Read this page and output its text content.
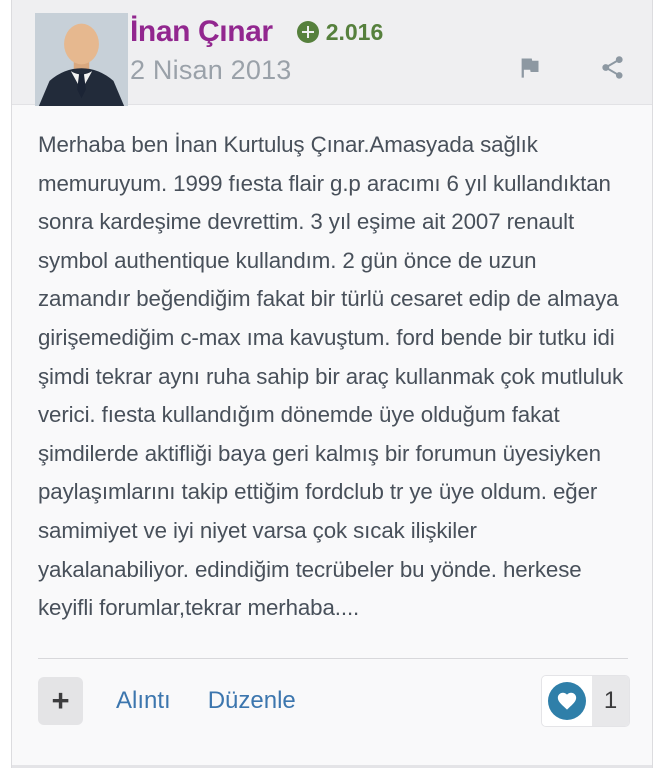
İnan Çınar 2.016
2 Nisan 2013

Merhaba ben İnan Kurtuluş Çınar.Amasyada sağlık memuruyum. 1999 fıesta flair g.p aracımı 6 yıl kullandıktan sonra kardeşime devrettim. 3 yıl eşime ait 2007 renault symbol authentique kullandım. 2 gün önce de uzun zamandır beğendiğim fakat bir türlü cesaret edip de almaya girişemediğim c-max ıma kavuştum. ford bende bir tutku idi şimdi tekrar aynı ruha sahip bir araç kullanmak çok mutluluk verici. fıesta kullandığım dönemde üye olduğum fakat şimdilerde aktifliği baya geri kalmış bir forumun üyesiyken paylaşımlarını takip ettiğim fordclub tr ye üye oldum. eğer samimiyet ve iyi niyet varsa çok sıcak ilişkiler yakalanabiliyor. edindiğim tecrübeler bu yönde. herkese keyifli forumlar,tekrar merhaba....

+ Alıntı Düzenle	1
